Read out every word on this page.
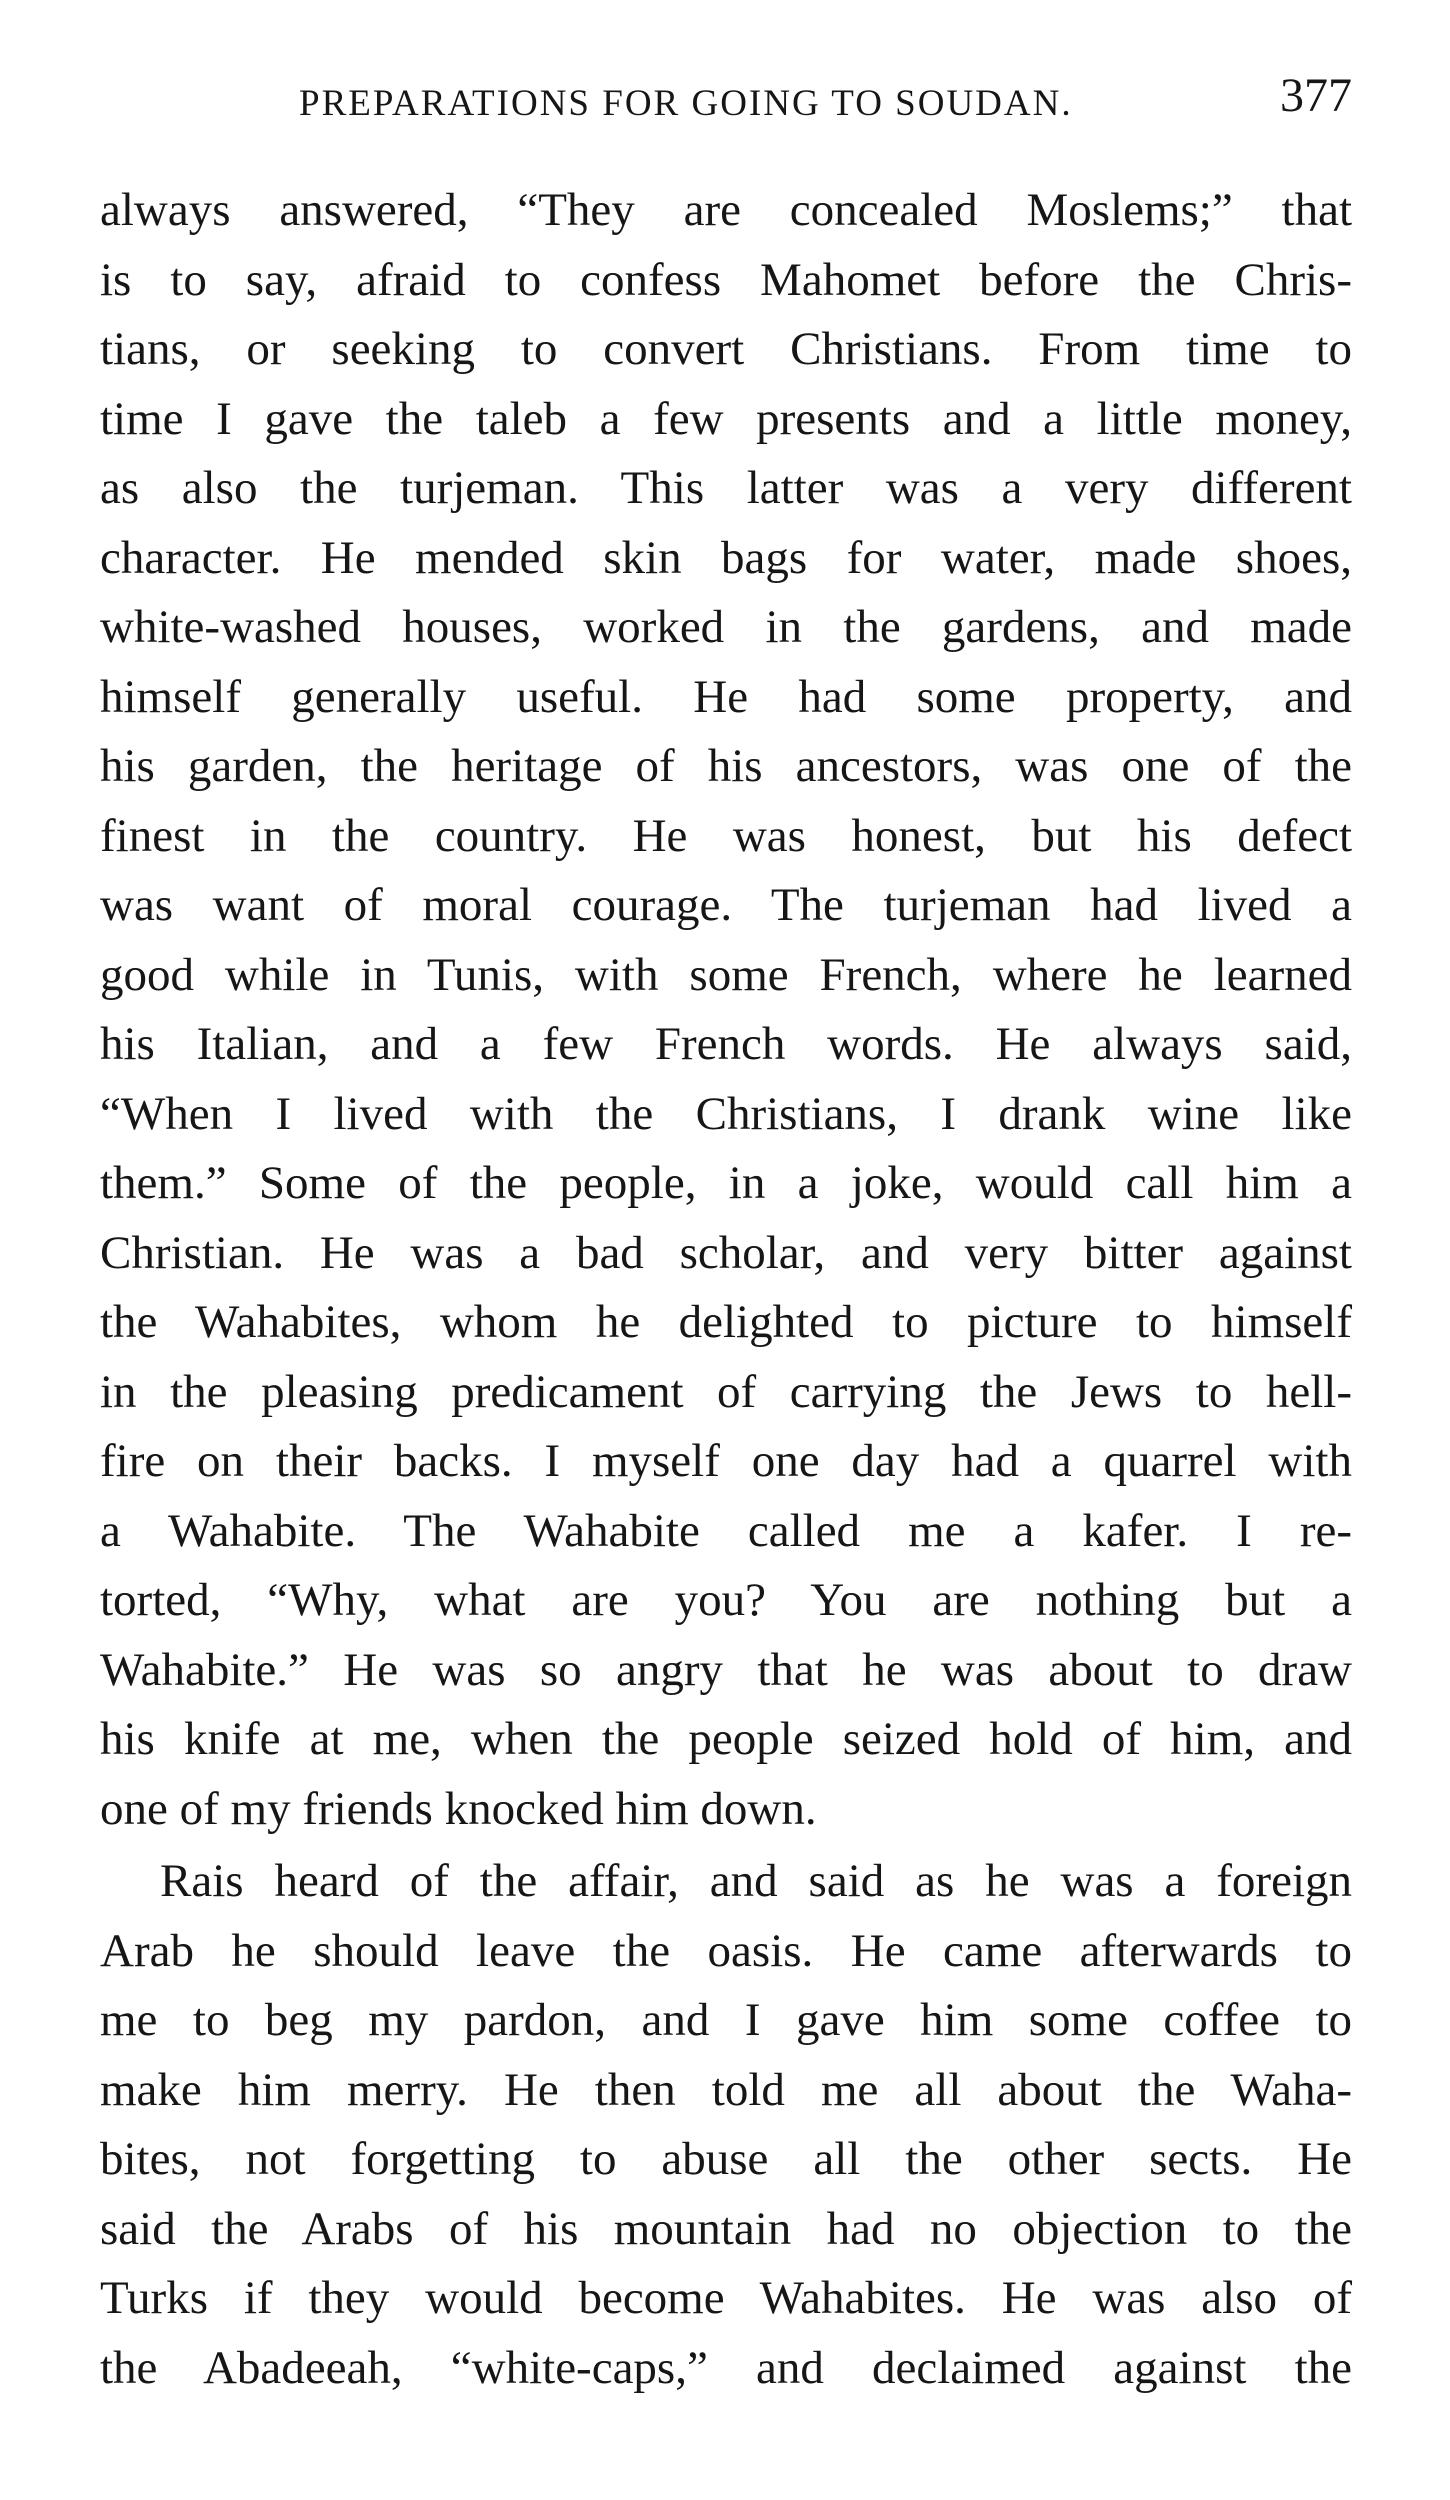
PREPARATIONS FOR GOING TO SOUDAN.	377
always answered, “They are concealed Moslems;” that
is to say, afraid to confess Mahomet before the Chris-
tians, or seeking to convert Christians. From time to
time I gave the taleb a few presents and a little money,
as also the turjeman. This latter was a very different
character. He mended skin bags for water, made shoes,
white-washed houses, worked in the gardens, and made
himself generally useful. He had some property, and
his garden, the heritage of his ancestors, was one of the
finest in the country. He was honest, but his defect
was want of moral courage. The turjeman had lived a
good while in Tunis, with some French, where he learned
his Italian, and a few French words. He always said,
“When I lived with the Christians, I drank wine like
them.” Some of the people, in a joke, would call him a
Christian. He was a bad scholar, and very bitter against
the Wahabites, whom he delighted to picture to himself
in the pleasing predicament of carrying the Jews to hell-
fire on their backs. I myself one day had a quarrel with
a Wahabite. The Wahabite called me a kafer. I re-
torted, “Why, what are you? You are nothing but a
Wahabite.” He was so angry that he was about to draw
his knife at me, when the people seized hold of him, and
one of my friends knocked him down.
Rais heard of the affair, and said as he was a foreign
Arab he should leave the oasis. He came afterwards to
me to beg my pardon, and I gave him some coffee to
make him merry. He then told me all about the Waha-
bites, not forgetting to abuse all the other sects. He
said the Arabs of his mountain had no objection to the
Turks if they would become Wahabites. He was also of
the Abadeeah, “white-caps,” and declaimed against the
